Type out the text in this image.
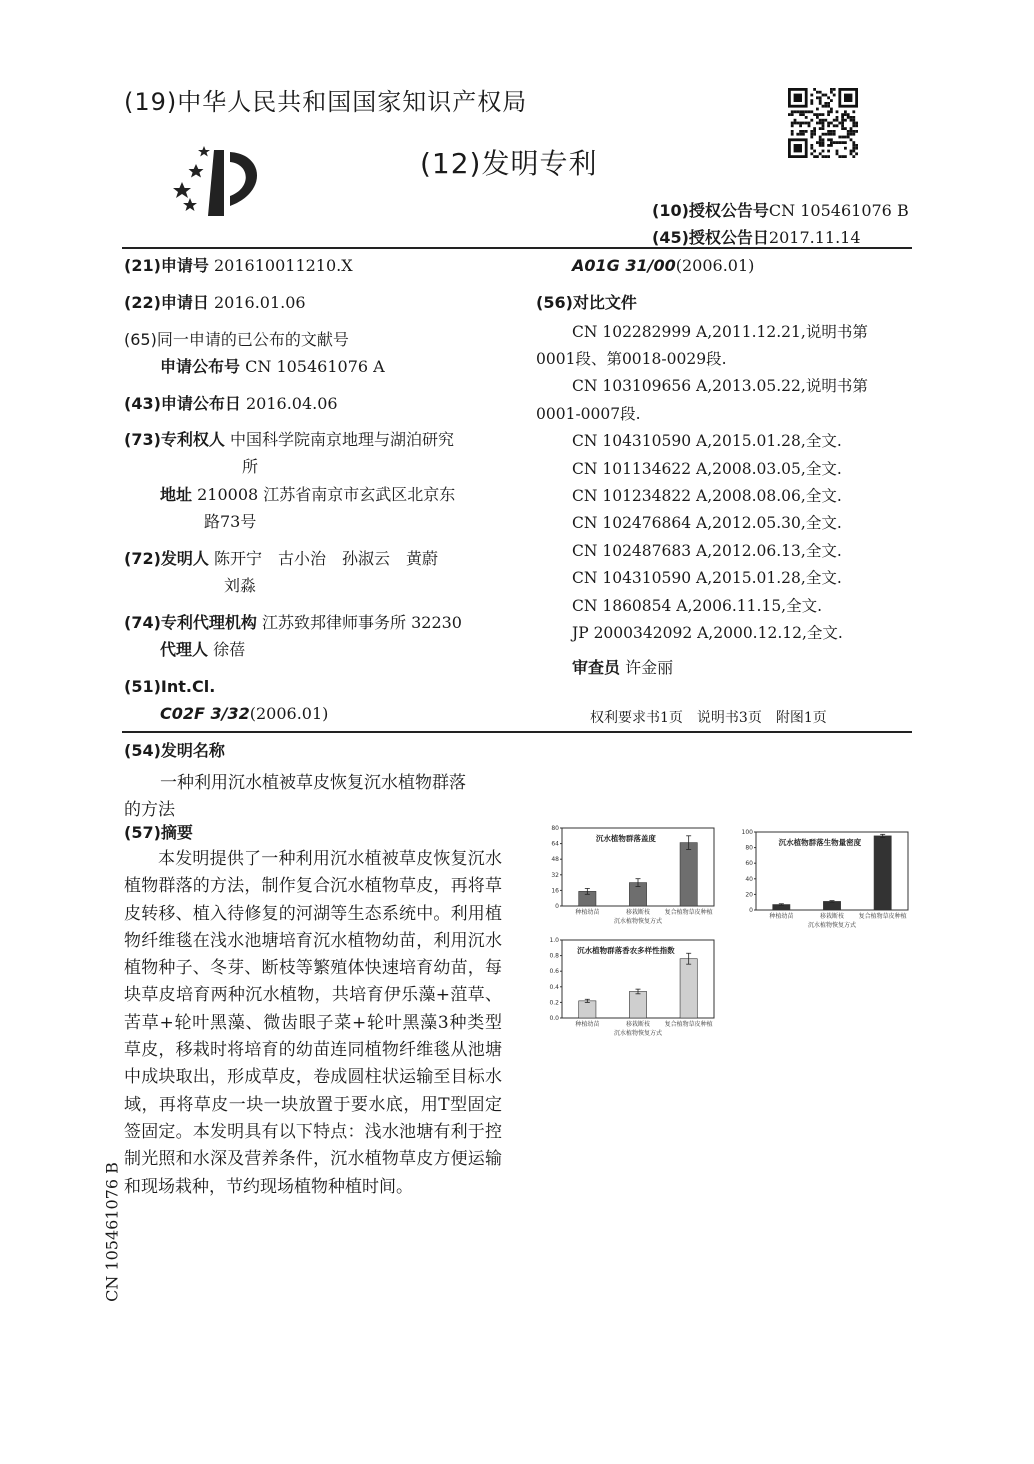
(19)中华人民共和国国家知识产权局
(12)发明专利
(10)授权公告号CN 105461076 B
(45)授权公告日2017.11.14
(21)申请号 201610011210.X
(22)申请日 2016.01.06
(65)同一申请的已公布的文献号
申请公布号 CN 105461076 A
(43)申请公布日 2016.04.06
(73)专利权人 中国科学院南京地理与湖泊研究
所
地址 210008 江苏省南京市玄武区北京东
路73号
(72)发明人 陈开宁　古小治　孙淑云　黄蔚
刘淼
(74)专利代理机构 江苏致邦律师事务所 32230
代理人 徐蓓
(51)Int.Cl.
C02F 3/32(2006.01)
A01G 31/00(2006.01)
(56)对比文件
CN 102282999 A,2011.12.21,说明书第
0001段、第0018-0029段.
CN 103109656 A,2013.05.22,说明书第
0001-0007段.
CN 104310590 A,2015.01.28,全文.
CN 101134622 A,2008.03.05,全文.
CN 101234822 A,2008.08.06,全文.
CN 102476864 A,2012.05.30,全文.
CN 102487683 A,2012.06.13,全文.
CN 104310590 A,2015.01.28,全文.
CN 1860854 A,2006.11.15,全文.
JP 2000342092 A,2000.12.12,全文.
审查员 许金丽
权利要求书1页　说明书3页　附图1页
(54)发明名称
一种利用沉水植被草皮恢复沉水植物群落
的方法
(57)摘要
本发明提供了一种利用沉水植被草皮恢复沉水植物群落的方法，制作复合沉水植物草皮，再将草皮转移、植入待修复的河湖等生态系统中。利用植物纤维毯在浅水池塘培育沉水植物幼苗，利用沉水植物种子、冬芽、断枝等繁殖体快速培育幼苗，每块草皮培育两种沉水植物，共培育伊乐藻+菹草、苦草+轮叶黑藻、微齿眼子菜+轮叶黑藻3种类型草皮，移栽时将培育的幼苗连同植物纤维毯从池塘中成块取出，形成草皮，卷成圆柱状运输至目标水域，再将草皮一块一块放置于要水底，用T型固定签固定。本发明具有以下特点：浅水池塘有利于控制光照和水深及营养条件，沉水植物草皮方便运输和现场栽种，节约现场植物种植时间。
CN 105461076 B
0
16
32
48
64
80
沉水植物群落盖度
种植幼苗	移栽断枝 复合植物草皮种植
沉水植物恢复方式
0
20
40
60
80
100
沉水植物群落生物量密度
种植幼苗	移栽断枝 复合植物草皮种植
沉水植物恢复方式
0.0
0.2
0.4
0.6
0.8
1.0
沉水植物群落香农多样性指数
种植幼苗	移栽断枝 复合植物草皮种植
沉水植物恢复方式
